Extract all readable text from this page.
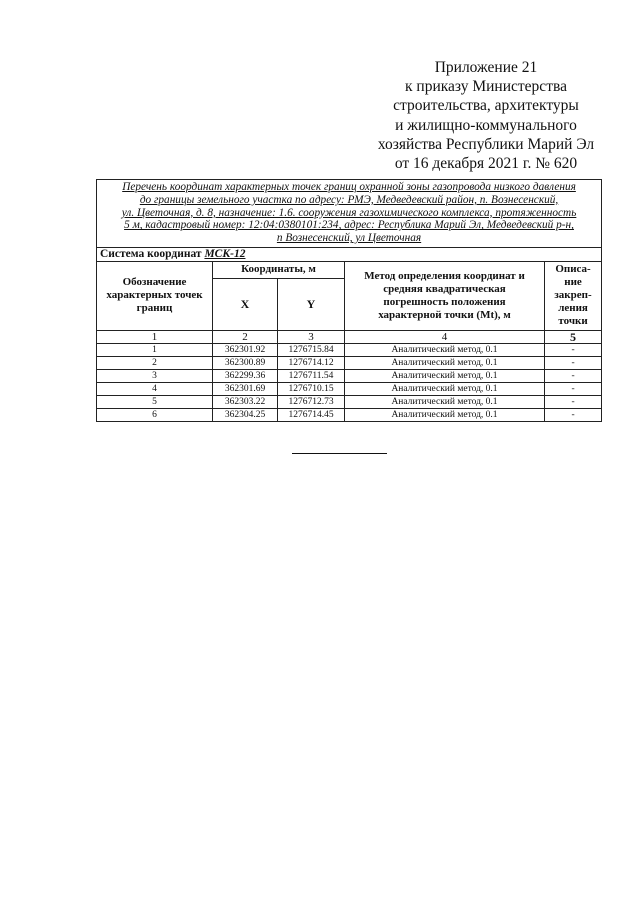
Приложение 21
к приказу Министерства
строительства, архитектуры
и жилищно-коммунального
хозяйства Республики Марий Эл
от 16 декабря 2021 г. № 620
Перечень координат характерных точек границ охранной зоны газопровода низкого давления
до границы земельного участка по адресу: РМЭ, Медведевский район, п. Вознесенский,
ул. Цветочная, д. 8, назначение: 1.6. сооружения газохимического комплекса, протяженность
5 м, кадастровый номер: 12:04:0380101:234, адрес: Республика Марий Эл, Медведевский р-н,
п Вознесенский, ул Цветочная				

Система координат МСК-12				
Обозначение характерных точек границ	Координаты, м		Метод определения координат и средняя квадратическая погрешность положения характерной точки (Mt), м	Описа-ние закреп-ления точки
	X	Y		
1	2	3	4	5
1	362301.92	1276715.84	Аналитический метод, 0.1	-
2	362300.89	1276714.12	Аналитический метод, 0.1	-
3	362299.36	1276711.54	Аналитический метод, 0.1	-
4	362301.69	1276710.15	Аналитический метод, 0.1	-
5	362303.22	1276712.73	Аналитический метод, 0.1	-
6	362304.25	1276714.45	Аналитический метод, 0.1	-
